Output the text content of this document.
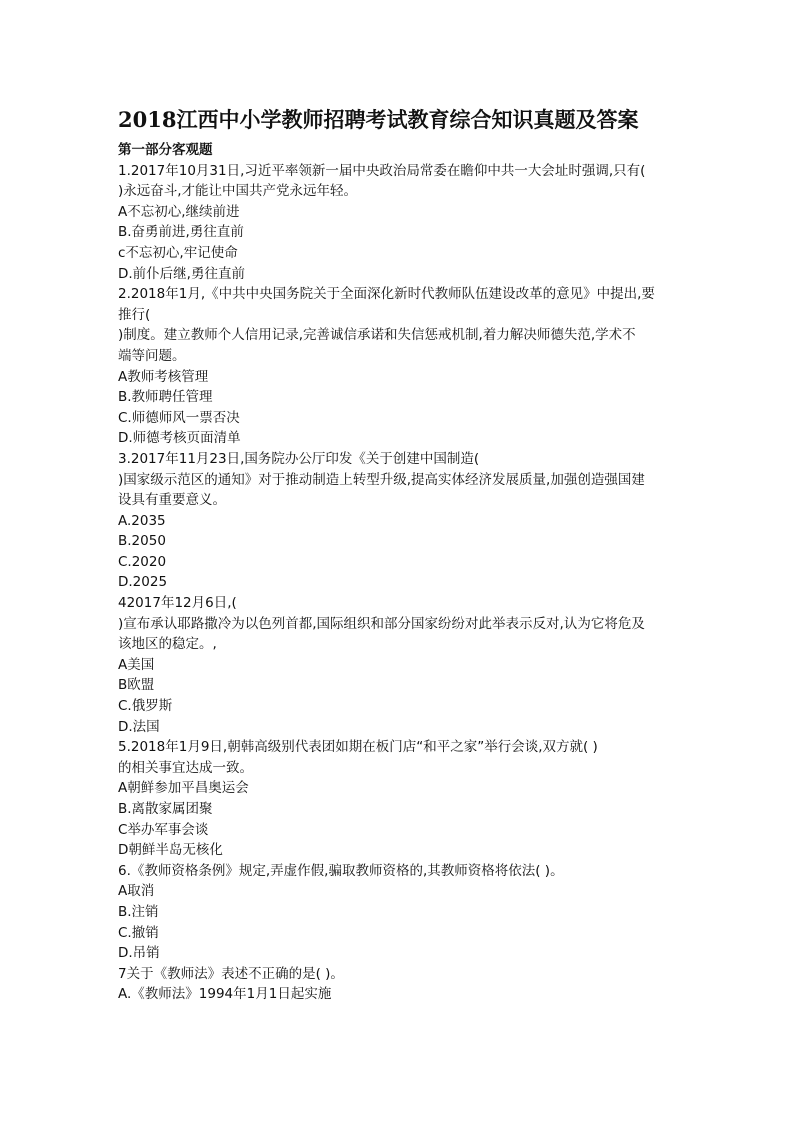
2018江西中小学教师招聘考试教育综合知识真题及答案
第一部分客观题
1.2017年10月31日,习近平率领新一届中央政治局常委在瞻仰中共一大会址时强调,只有(
)永远奋斗,才能让中国共产党永远年轻。
A不忘初心,继续前进
B.奋勇前进,勇往直前
c不忘初心,牢记使命
D.前仆后继,勇往直前
2.2018年1月,《中共中央国务院关于全面深化新时代教师队伍建设改革的意见》中提出,要
推行(
)制度。建立教师个人信用记录,完善诚信承诺和失信惩戒机制,着力解决师德失范,学术不
端等问题。
A教师考核管理
B.教师聘任管理
C.师德师风一票否决
D.师德考核页面清单
3.2017年11月23日,国务院办公厅印发《关于创建中国制造(
)国家级示范区的通知》对于推动制造上转型升级,提高实体经济发展质量,加强创造强国建
设具有重要意义。
A.2035
B.2050
C.2020
D.2025
42017年12月6日,(
)宣布承认耶路撒冷为以色列首都,国际组织和部分国家纷纷对此举表示反对,认为它将危及
该地区的稳定。,
A美国
B欧盟
C.俄罗斯
D.法国
5.2018年1月9日,朝韩高级别代表团如期在板门店“和平之家”举行会谈,双方就( )
的相关事宜达成一致。
A朝鲜参加平昌奥运会
B.离散家属团聚
C举办军事会谈
D朝鲜半岛无核化
6.《教师资格条例》规定,弄虚作假,骗取教师资格的,其教师资格将依法( )。
A取消
B.注销
C.撤销
D.吊销
7关于《教师法》表述不正确的是( )。
A.《教师法》1994年1月1日起实施
